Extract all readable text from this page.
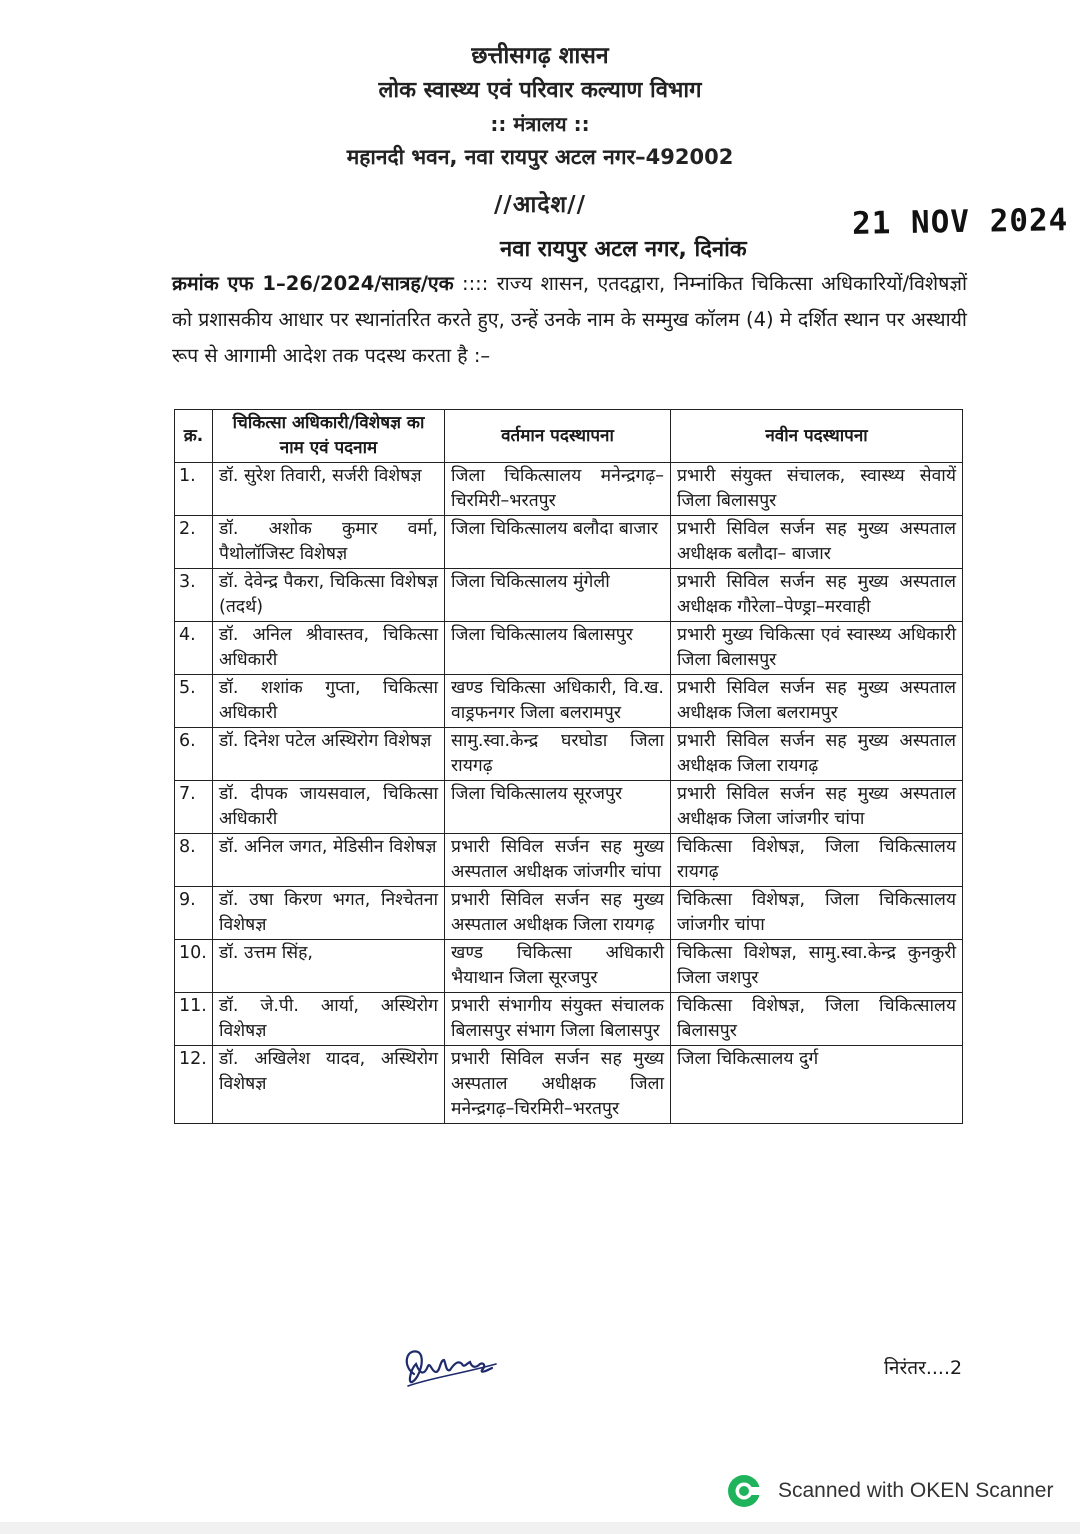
छत्तीसगढ़ शासन
लोक स्वास्थ्य एवं परिवार कल्याण विभाग
:: मंत्रालय ::
महानदी भवन, नवा रायपुर अटल नगर–492002
//आदेश//
नवा रायपुर अटल नगर, दिनांक
21 NOV 2024
क्रमांक एफ 1–26/2024/सात्रह/एक :::: राज्य शासन, एतदद्वारा, निम्नांकित चिकित्सा अधिकारियों/विशेषज्ञों को प्रशासकीय आधार पर स्थानांतरित करते हुए, उन्हें उनके नाम के सम्मुख कॉलम (4) मे दर्शित स्थान पर अस्थायी रूप से आगामी आदेश तक पदस्थ करता है :–
क्र.	चिकित्सा अधिकारी/विशेषज्ञ का नाम एवं पदनाम	वर्तमान पदस्थापना	नवीन पदस्थापना
1.	डॉ. सुरेश तिवारी, सर्जरी विशेषज्ञ	जिला चिकित्सालय मनेन्द्रगढ़–चिरमिरी–भरतपुर	प्रभारी संयुक्त संचालक, स्वास्थ्य सेवायें जिला बिलासपुर
2.	डॉ. अशोक कुमार वर्मा, पैथोलॉजिस्ट विशेषज्ञ	जिला चिकित्सालय बलौदा बाजार	प्रभारी सिविल सर्जन सह मुख्य अस्पताल अधीक्षक बलौदा– बाजार
3.	डॉ. देवेन्द्र पैकरा, चिकित्सा विशेषज्ञ (तदर्थ)	जिला चिकित्सालय मुंगेली	प्रभारी सिविल सर्जन सह मुख्य अस्पताल अधीक्षक गौरेला–पेण्ड्रा–मरवाही
4.	डॉ. अनिल श्रीवास्तव, चिकित्सा अधिकारी	जिला चिकित्सालय बिलासपुर	प्रभारी मुख्य चिकित्सा एवं स्वास्थ्य अधिकारी जिला बिलासपुर
5.	डॉ. शशांक गुप्ता, चिकित्सा अधिकारी	खण्ड चिकित्सा अधिकारी, वि.ख. वाड्रफनगर जिला बलरामपुर	प्रभारी सिविल सर्जन सह मुख्य अस्पताल अधीक्षक जिला बलरामपुर
6.	डॉ. दिनेश पटेल अस्थिरोग विशेषज्ञ	सामु.स्वा.केन्द्र घरघोडा जिला रायगढ़	प्रभारी सिविल सर्जन सह मुख्य अस्पताल अधीक्षक जिला रायगढ़
7.	डॉ. दीपक जायसवाल, चिकित्सा अधिकारी	जिला चिकित्सालय सूरजपुर	प्रभारी सिविल सर्जन सह मुख्य अस्पताल अधीक्षक जिला जांजगीर चांपा
8.	डॉ. अनिल जगत, मेडिसीन विशेषज्ञ	प्रभारी सिविल सर्जन सह मुख्य अस्पताल अधीक्षक जांजगीर चांपा	चिकित्सा विशेषज्ञ, जिला चिकित्सालय रायगढ़
9.	डॉ. उषा किरण भगत, निश्चेतना विशेषज्ञ	प्रभारी सिविल सर्जन सह मुख्य अस्पताल अधीक्षक जिला रायगढ़	चिकित्सा विशेषज्ञ, जिला चिकित्सालय जांजगीर चांपा
10.	डॉ. उत्तम सिंह,	खण्ड चिकित्सा अधिकारी भैयाथान जिला सूरजपुर	चिकित्सा विशेषज्ञ, सामु.स्वा.केन्द्र कुनकुरी जिला जशपुर
11.	डॉ. जे.पी. आर्या, अस्थिरोग विशेषज्ञ	प्रभारी संभागीय संयुक्त संचालक बिलासपुर संभाग जिला बिलासपुर	चिकित्सा विशेषज्ञ, जिला चिकित्सालय बिलासपुर
12.	डॉ. अखिलेश यादव, अस्थिरोग विशेषज्ञ	प्रभारी सिविल सर्जन सह मुख्य अस्पताल अधीक्षक जिला मनेन्द्रगढ़–चिरमिरी–भरतपुर	जिला चिकित्सालय दुर्ग
निरंतर....2
Scanned with OKEN Scanner
